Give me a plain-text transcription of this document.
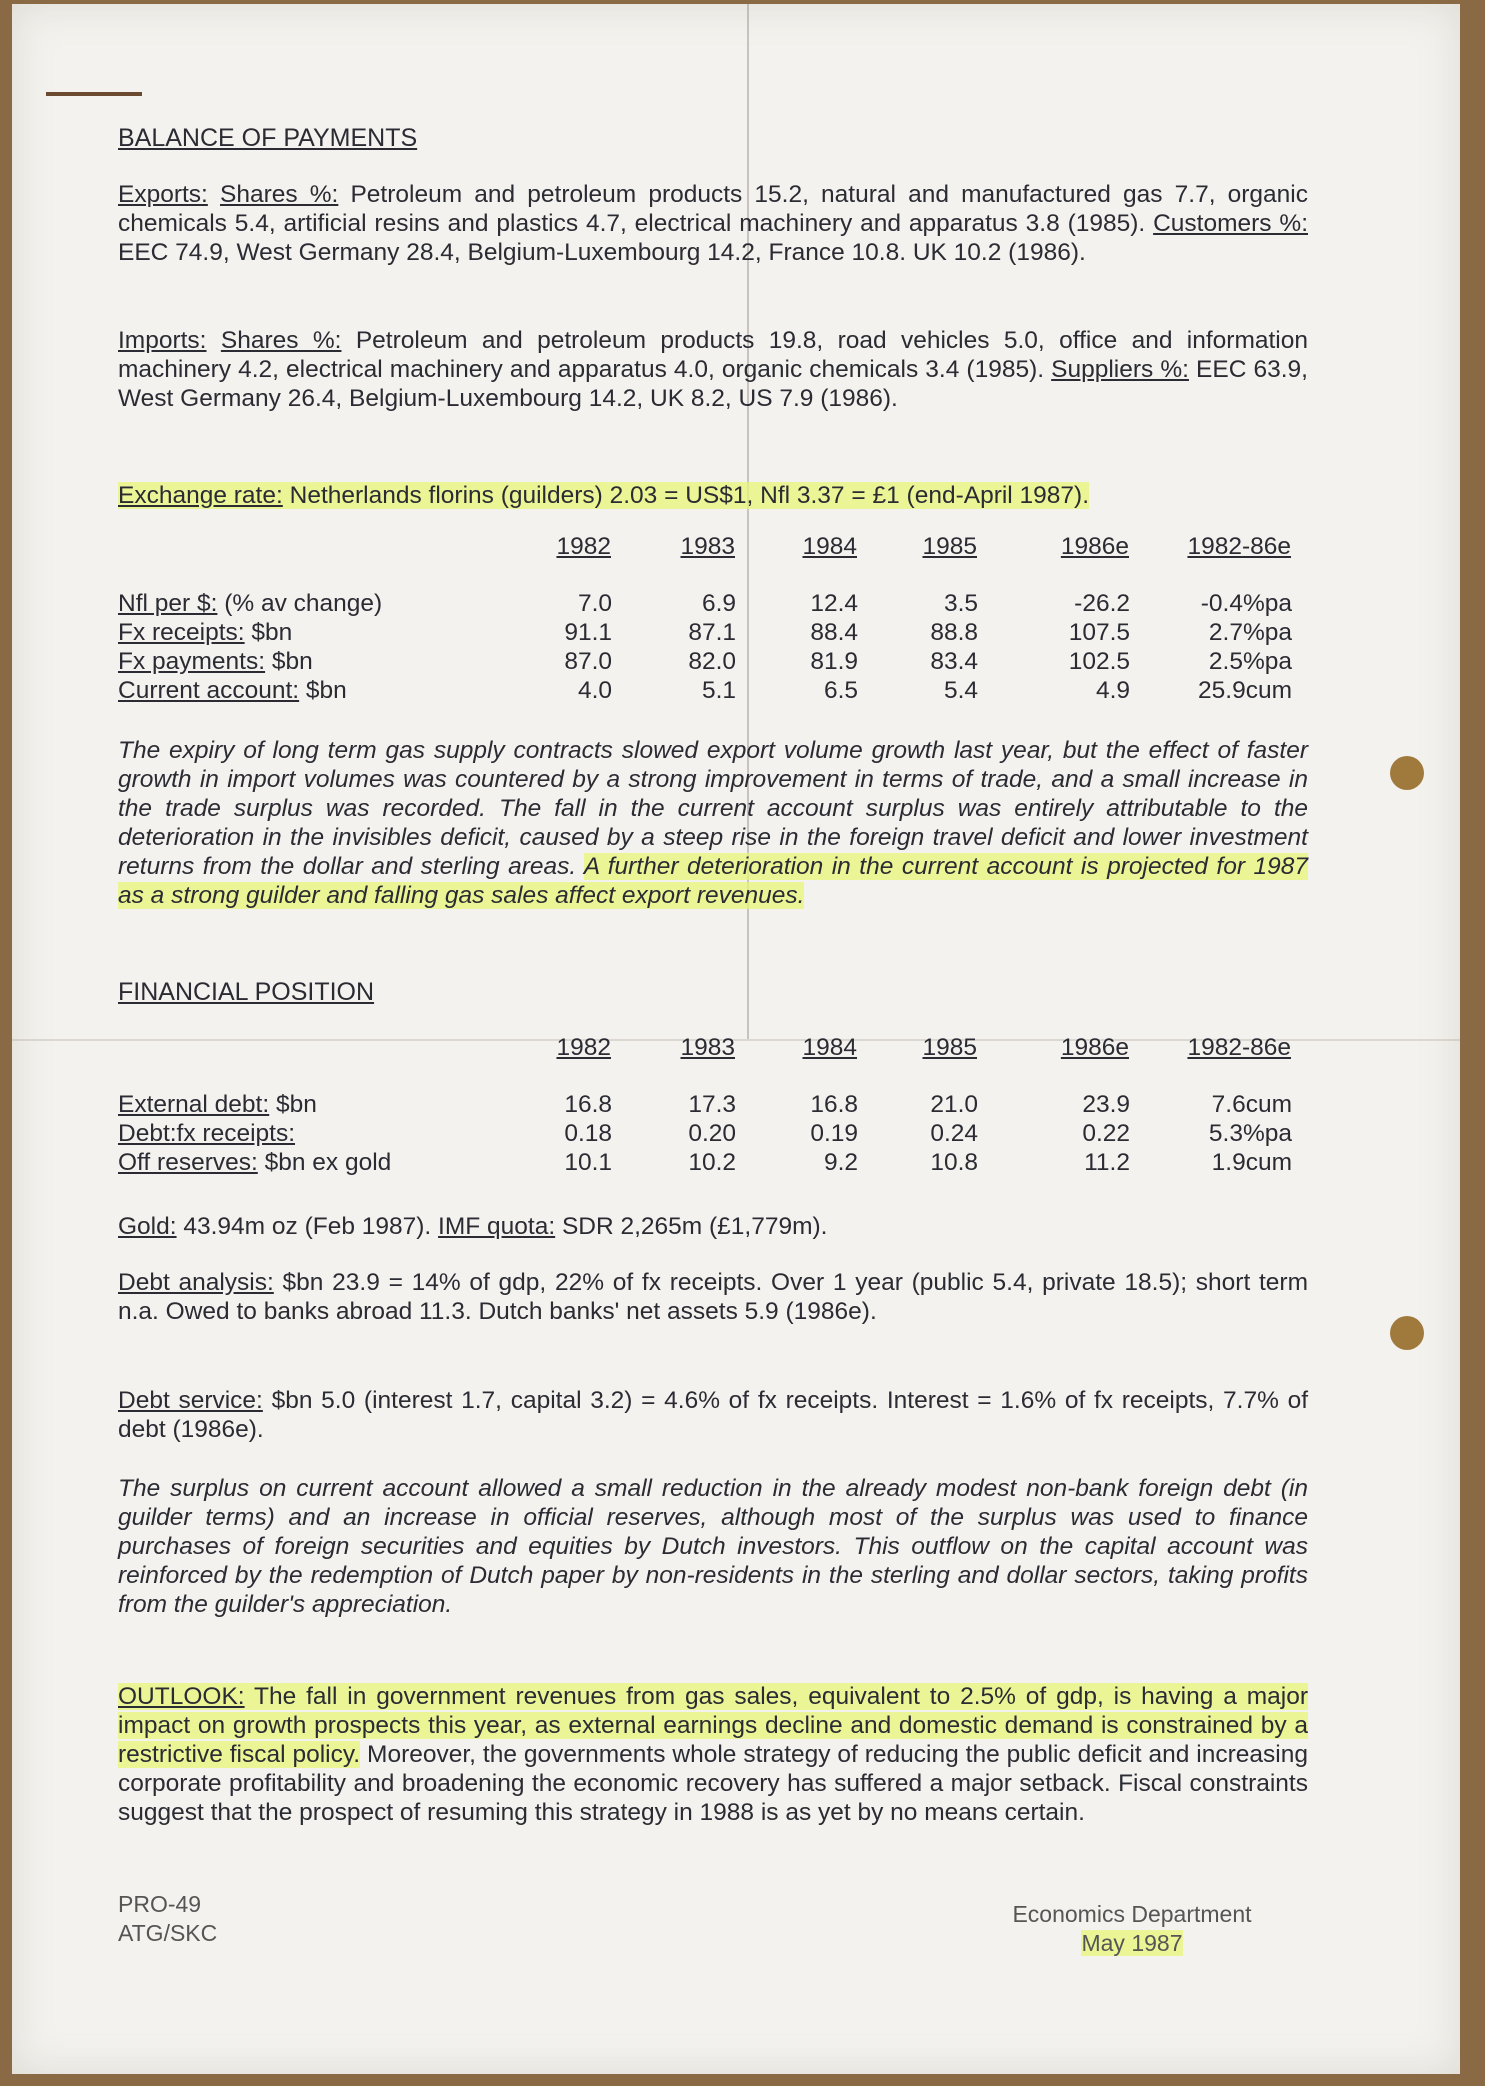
BALANCE OF PAYMENTS
Exports: Shares %: Petroleum and petroleum products 15.2, natural and manufactured gas 7.7, organic chemicals 5.4, artificial resins and plastics 4.7, electrical machinery and apparatus 3.8 (1985). Customers %: EEC 74.9, West Germany 28.4, Belgium-Luxembourg 14.2, France 10.8. UK 10.2 (1986).
Imports: Shares %: Petroleum and petroleum products 19.8, road vehicles 5.0, office and information machinery 4.2, electrical machinery and apparatus 4.0, organic chemicals 3.4 (1985). Suppliers %: EEC 63.9, West Germany 26.4, Belgium-Luxembourg 14.2, UK 8.2, US 7.9 (1986).
Exchange rate: Netherlands florins (guilders) 2.03 = US$1, Nfl 3.37 = £1 (end-April 1987).
	1982	1983	1984	1985	1986e	1982-86e

Nfl per $: (% av change)	7.0	6.9	12.4	3.5	-26.2	-0.4%pa
Fx receipts: $bn	91.1	87.1	88.4	88.8	107.5	2.7%pa
Fx payments: $bn	87.0	82.0	81.9	83.4	102.5	2.5%pa
Current account: $bn	4.0	5.1	6.5	5.4	4.9	25.9cum
The expiry of long term gas supply contracts slowed export volume growth last year, but the effect of faster growth in import volumes was countered by a strong improvement in terms of trade, and a small increase in the trade surplus was recorded. The fall in the current account surplus was entirely attributable to the deterioration in the invisibles deficit, caused by a steep rise in the foreign travel deficit and lower investment returns from the dollar and sterling areas. A further deterioration in the current account is projected for 1987 as a strong guilder and falling gas sales affect export revenues.
FINANCIAL POSITION
	1982	1983	1984	1985	1986e	1982-86e

External debt: $bn	16.8	17.3	16.8	21.0	23.9	7.6cum
Debt:fx receipts:	0.18	0.20	0.19	0.24	0.22	5.3%pa
Off reserves: $bn ex gold	10.1	10.2	9.2	10.8	11.2	1.9cum
Gold: 43.94m oz (Feb 1987). IMF quota: SDR 2,265m (£1,779m).
Debt analysis: $bn 23.9 = 14% of gdp, 22% of fx receipts. Over 1 year (public 5.4, private 18.5); short term n.a. Owed to banks abroad 11.3. Dutch banks' net assets 5.9 (1986e).
Debt service: $bn 5.0 (interest 1.7, capital 3.2) = 4.6% of fx receipts. Interest = 1.6% of fx receipts, 7.7% of debt (1986e).
The surplus on current account allowed a small reduction in the already modest non-bank foreign debt (in guilder terms) and an increase in official reserves, although most of the surplus was used to finance purchases of foreign securities and equities by Dutch investors. This outflow on the capital account was reinforced by the redemption of Dutch paper by non-residents in the sterling and dollar sectors, taking profits from the guilder's appreciation.
OUTLOOK: The fall in government revenues from gas sales, equivalent to 2.5% of gdp, is having a major impact on growth prospects this year, as external earnings decline and domestic demand is constrained by a restrictive fiscal policy. Moreover, the governments whole strategy of reducing the public deficit and increasing corporate profitability and broadening the economic recovery has suffered a major setback. Fiscal constraints suggest that the prospect of resuming this strategy in 1988 is as yet by no means certain.
PRO-49
ATG/SKC
Economics Department
May 1987
